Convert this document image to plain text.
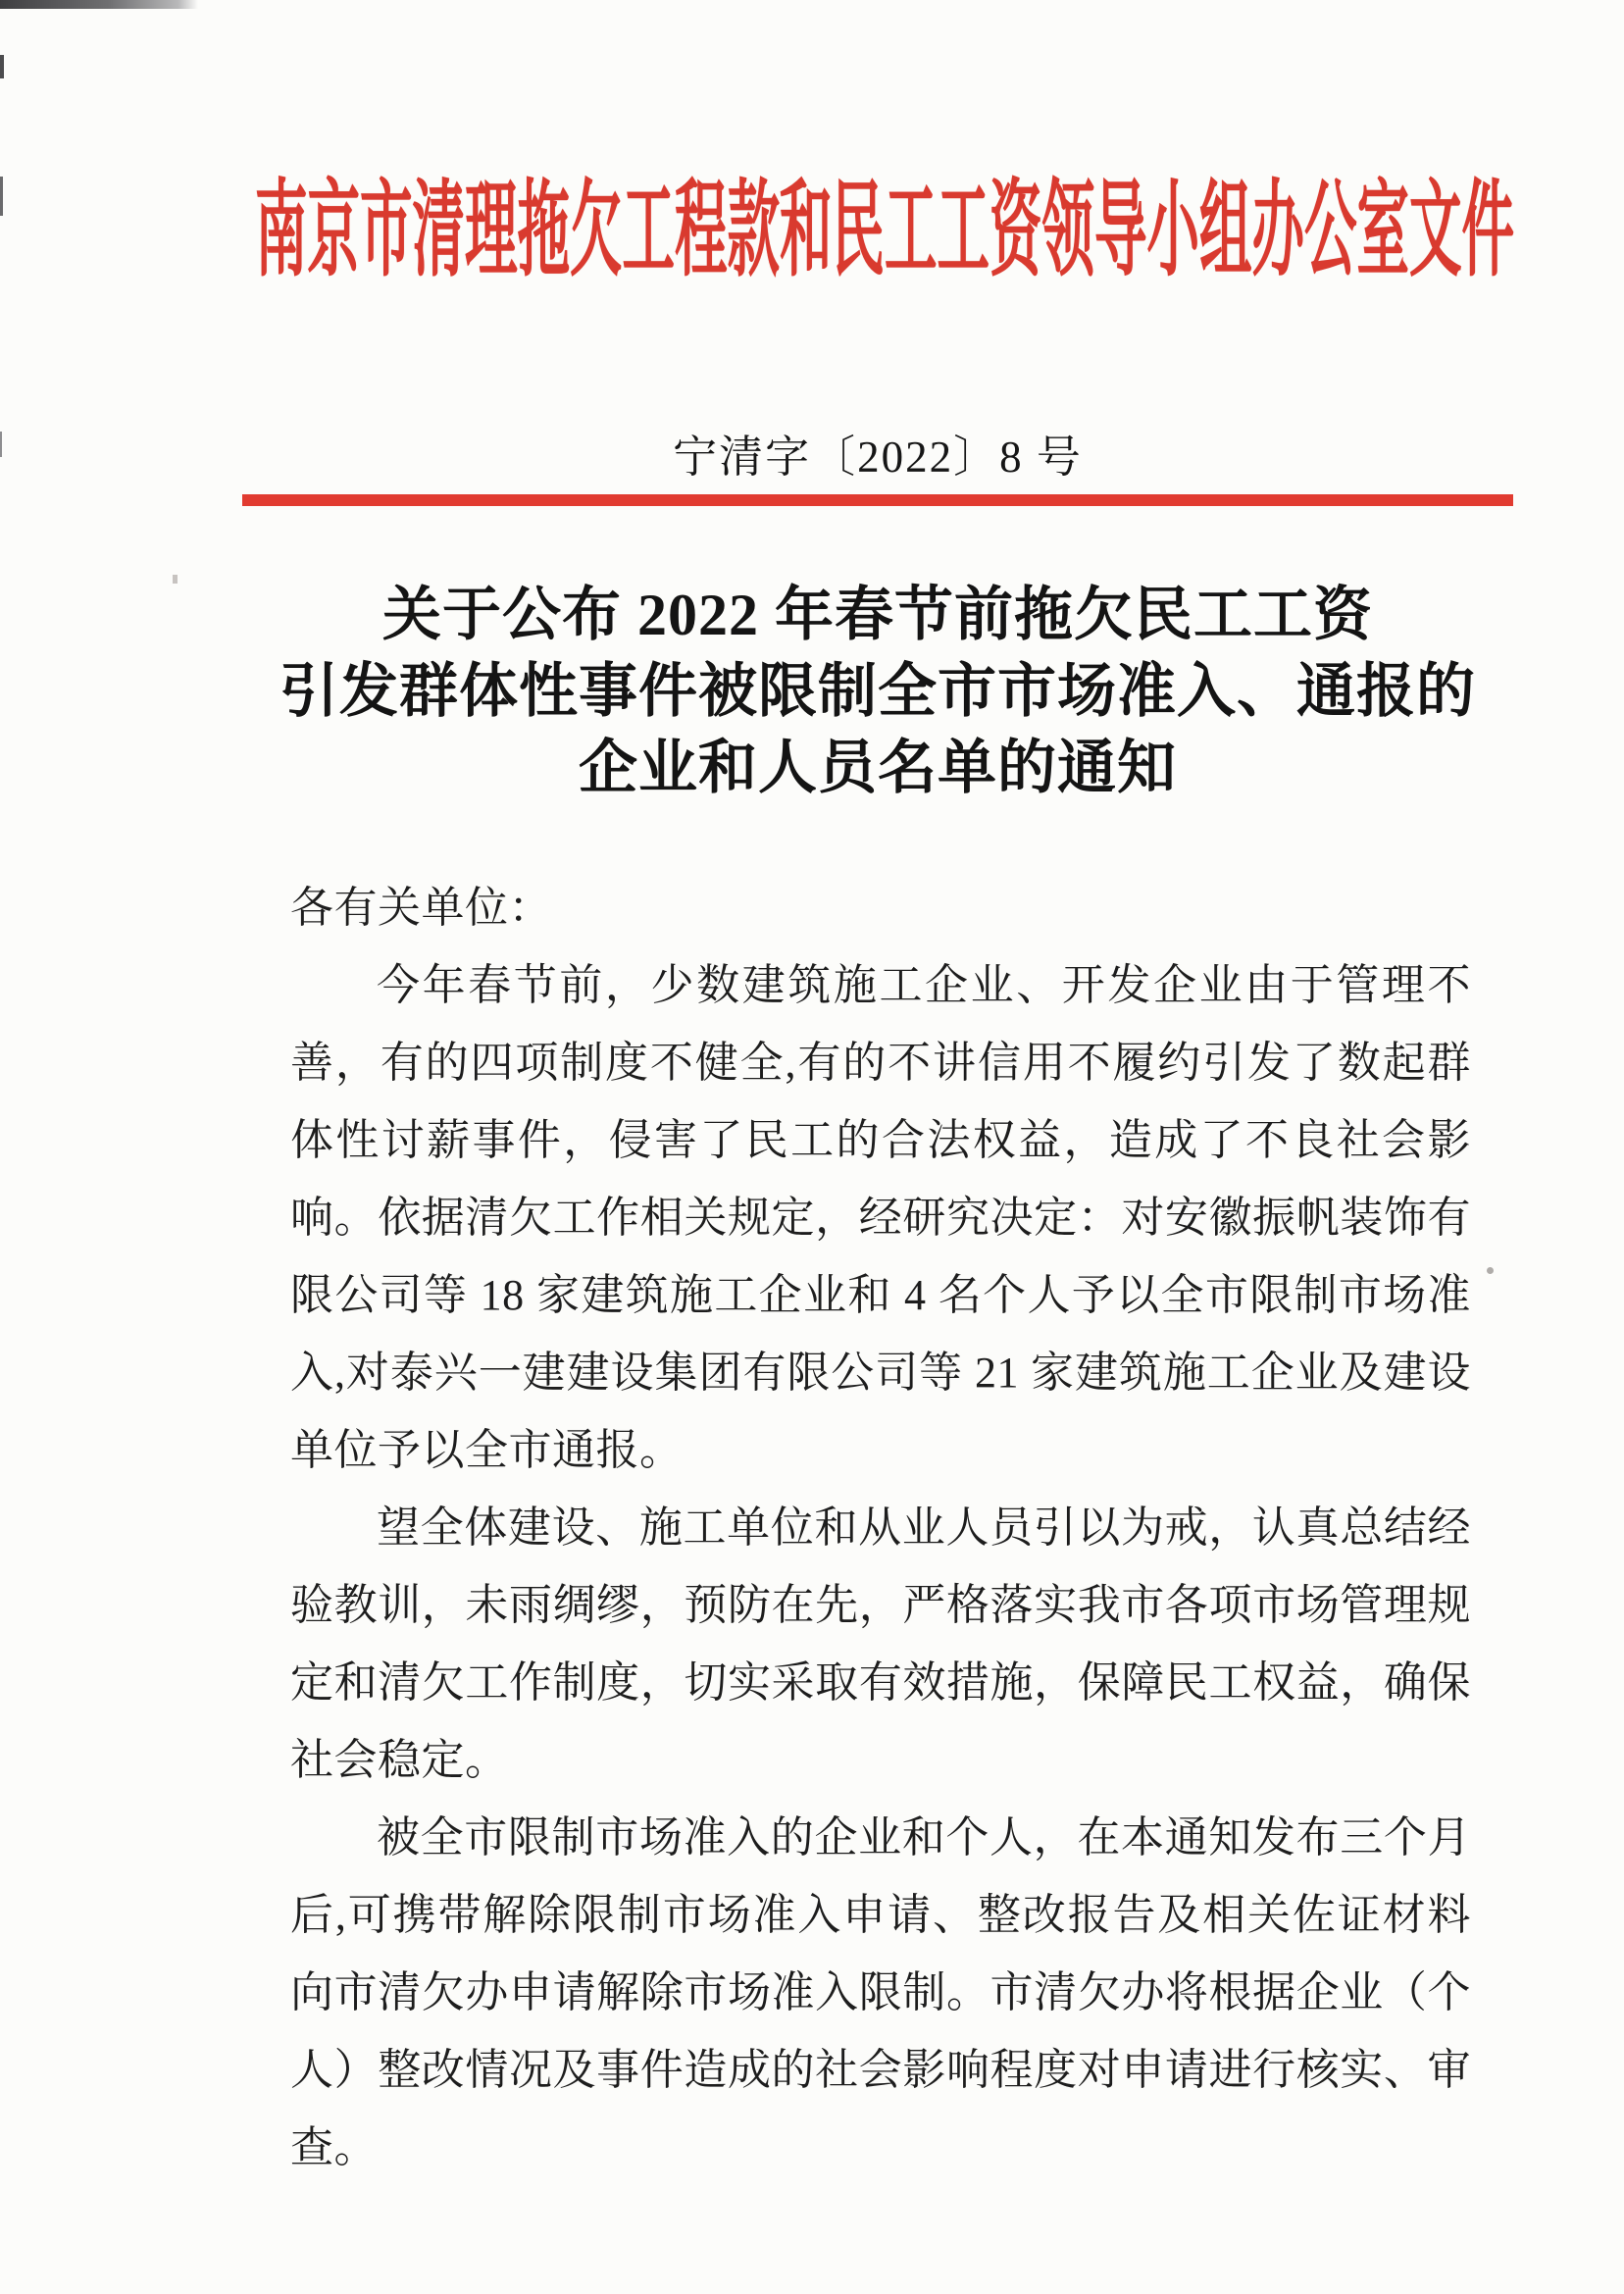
南京市清理拖欠工程款和民工工资领导小组办公室文件
宁清字〔2022〕8 号
关于公布 2022 年春节前拖欠民工工资
引发群体性事件被限制全市市场准入、通报的
企业和人员名单的通知
各有关单位：

今年春节前，少数建筑施工企业、开发企业由于管理不善，有的四项制度不健全,有的不讲信用不履约引发了数起群体性讨薪事件，侵害了民工的合法权益，造成了不良社会影响。依据清欠工作相关规定，经研究决定：对安徽振帆装饰有限公司等 18 家建筑施工企业和 4 名个人予以全市限制市场准入,对泰兴一建建设集团有限公司等 21 家建筑施工企业及建设单位予以全市通报。

望全体建设、施工单位和从业人员引以为戒，认真总结经验教训，未雨绸缪，预防在先，严格落实我市各项市场管理规定和清欠工作制度，切实采取有效措施，保障民工权益，确保社会稳定。

被全市限制市场准入的企业和个人，在本通知发布三个月后,可携带解除限制市场准入申请、整改报告及相关佐证材料向市清欠办申请解除市场准入限制。市清欠办将根据企业（个人）整改情况及事件造成的社会影响程度对申请进行核实、审查。
